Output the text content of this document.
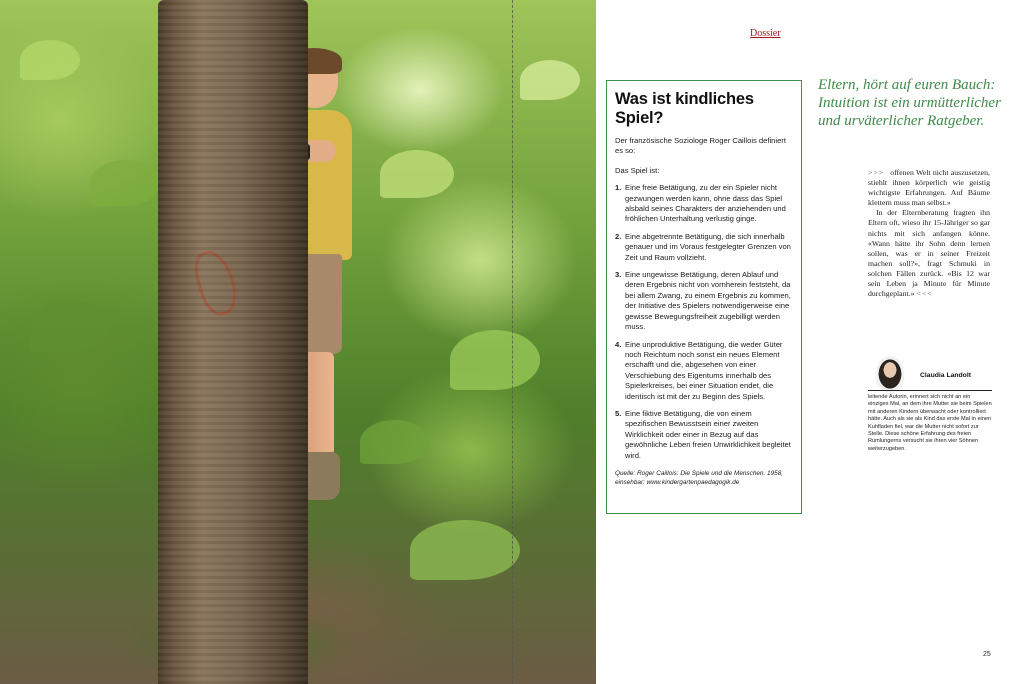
Dossier
Was ist kindliches Spiel?

Der französische Soziologe Roger Caillois definiert es so:

Das Spiel ist:

1. Eine freie Betätigung, zu der ein Spieler nicht gezwungen werden kann, ohne dass das Spiel alsbald seines Charakters der anziehenden und fröhlichen Unterhaltung verlustig ginge.
2. Eine abgetrennte Betätigung, die sich innerhalb genauer und im Voraus festgelegter Grenzen von Zeit und Raum vollzieht.
3. Eine ungewisse Betätigung, deren Ablauf und deren Ergebnis nicht von vornherein feststeht, da bei allem Zwang, zu einem Ergebnis zu kommen, der Initiative des Spielers notwendigerweise eine gewisse Bewegungsfreiheit zugebilligt werden muss.
4. Eine unproduktive Betätigung, die weder Güter noch Reichtum noch sonst ein neues Element erschafft und die, abgesehen von einer Verschiebung des Eigentums innerhalb des Spielerkreises, bei einer Situation endet, die identisch ist mit der zu Beginn des Spiels.
5. Eine fiktive Betätigung, die von einem spezifischen Bewusstsein einer zweiten Wirklichkeit oder einer in Bezug auf das gewöhnliche Leben freien Unwirklichkeit begleitet wird.
Quelle: Roger Caillois: Die Spiele und die Menschen. 1958, einsehbar: www.kindergartenpaedagogik.de
Eltern, hört auf euren Bauch: Intuition ist ein urmütterlicher und urväterlicher Ratgeber.

>>> offenen Welt nicht auszusetzen, stiehlt ihnen körperlich wie geistig wichtigste Erfahrungen. Auf Bäume klettern muss man selbst.»

In der Elternberatung fragten ihn Eltern oft, wieso ihr 15-Jähriger so gar nichts mit sich anfangen könne. «Wann hätte ihr Sohn denn lernen sollen, was er in seiner Freizeit machen soll?», fragt Schmuki in solchen Fällen zurück. «Bis 12 war sein Leben ja Minute für Minute durchgeplant.» <<<

Claudia Landolt
leitende Autorin, erinnert sich nicht an ein einziges Mal, an dem ihre Mutter sie beim Spielen mit anderen Kindern überwacht oder kontrolliert hätte. Auch als sie als Kind das erste Mal in einen Kuhfladen fiel, war die Mutter nicht sofort zur Stelle. Diese schöne Erfahrung des freien Rumlungerns versucht sie ihren vier Söhnen weiterzugeben.
25
